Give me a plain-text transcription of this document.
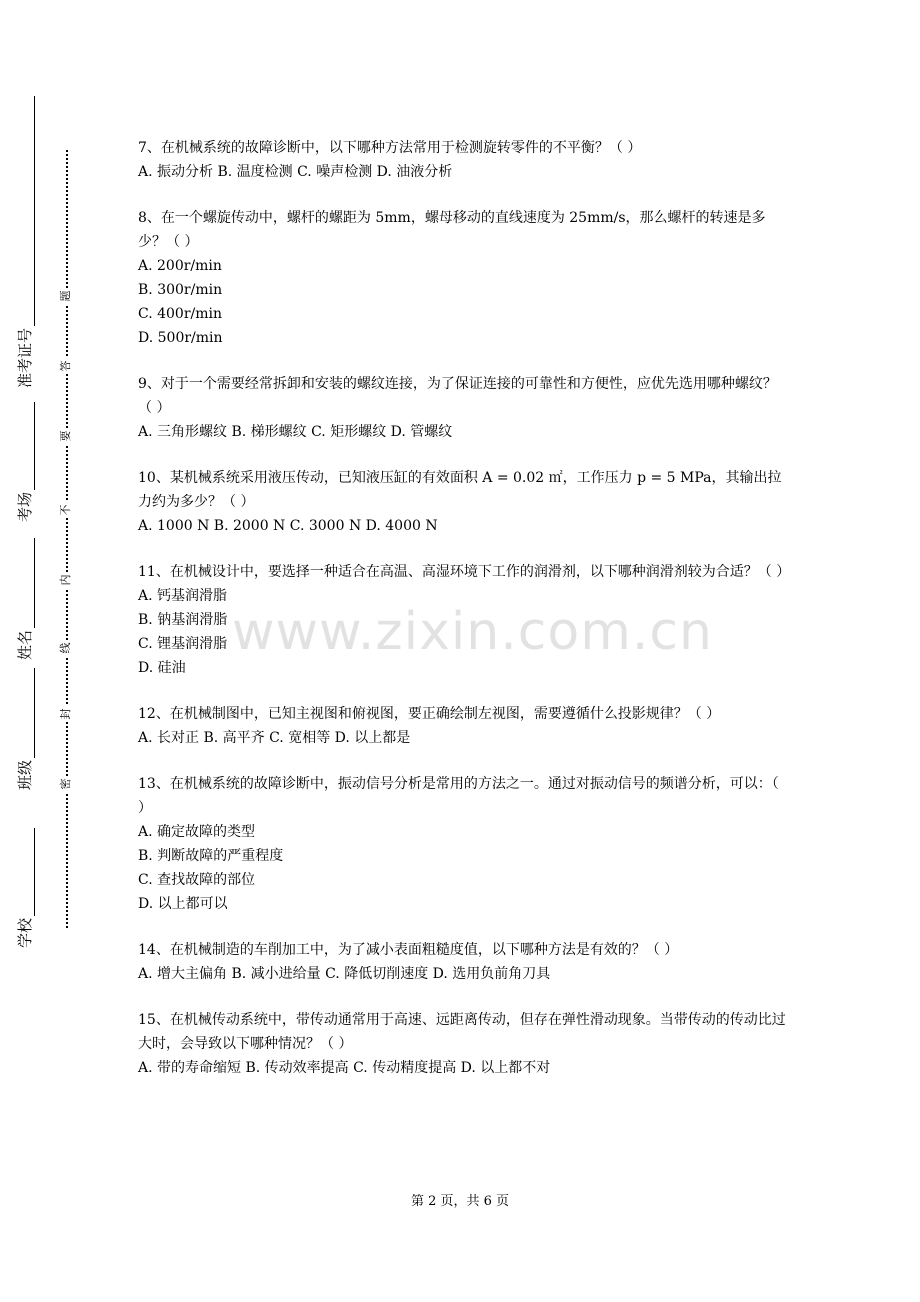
学校
班级
姓名
考场
准考证号
题
答
要
不
内
线
封
密
7、在机械系统的故障诊断中，以下哪种方法常用于检测旋转零件的不平衡？（ ）
A. 振动分析 B. 温度检测 C. 噪声检测 D. 油液分析
8、在一个螺旋传动中，螺杆的螺距为 5mm，螺母移动的直线速度为 25mm/s，那么螺杆的转速是多少？（ ）
A. 200r/min
B. 300r/min
C. 400r/min
D. 500r/min
9、对于一个需要经常拆卸和安装的螺纹连接，为了保证连接的可靠性和方便性，应优先选用哪种螺纹？（ ）
A. 三角形螺纹 B. 梯形螺纹 C. 矩形螺纹 D. 管螺纹
10、某机械系统采用液压传动，已知液压缸的有效面积 A = 0.02 ㎡，工作压力 p = 5 MPa，其输出拉力约为多少？（ ）
A. 1000 N B. 2000 N C. 3000 N D. 4000 N
11、在机械设计中，要选择一种适合在高温、高湿环境下工作的润滑剂，以下哪种润滑剂较为合适？（ ）
A. 钙基润滑脂
B. 钠基润滑脂
C. 锂基润滑脂
D. 硅油
12、在机械制图中，已知主视图和俯视图，要正确绘制左视图，需要遵循什么投影规律？（ ）
A. 长对正 B. 高平齐 C. 宽相等 D. 以上都是
13、在机械系统的故障诊断中，振动信号分析是常用的方法之一。通过对振动信号的频谱分析，可以：（ ）
A. 确定故障的类型
B. 判断故障的严重程度
C. 查找故障的部位
D. 以上都可以
14、在机械制造的车削加工中，为了减小表面粗糙度值，以下哪种方法是有效的？（ ）
A. 增大主偏角 B. 减小进给量 C. 降低切削速度 D. 选用负前角刀具
15、在机械传动系统中，带传动通常用于高速、远距离传动，但存在弹性滑动现象。当带传动的传动比过大时，会导致以下哪种情况？（ ）
A. 带的寿命缩短 B. 传动效率提高 C. 传动精度提高 D. 以上都不对
www.zixin.com.cn
第 2 页，共 6 页
